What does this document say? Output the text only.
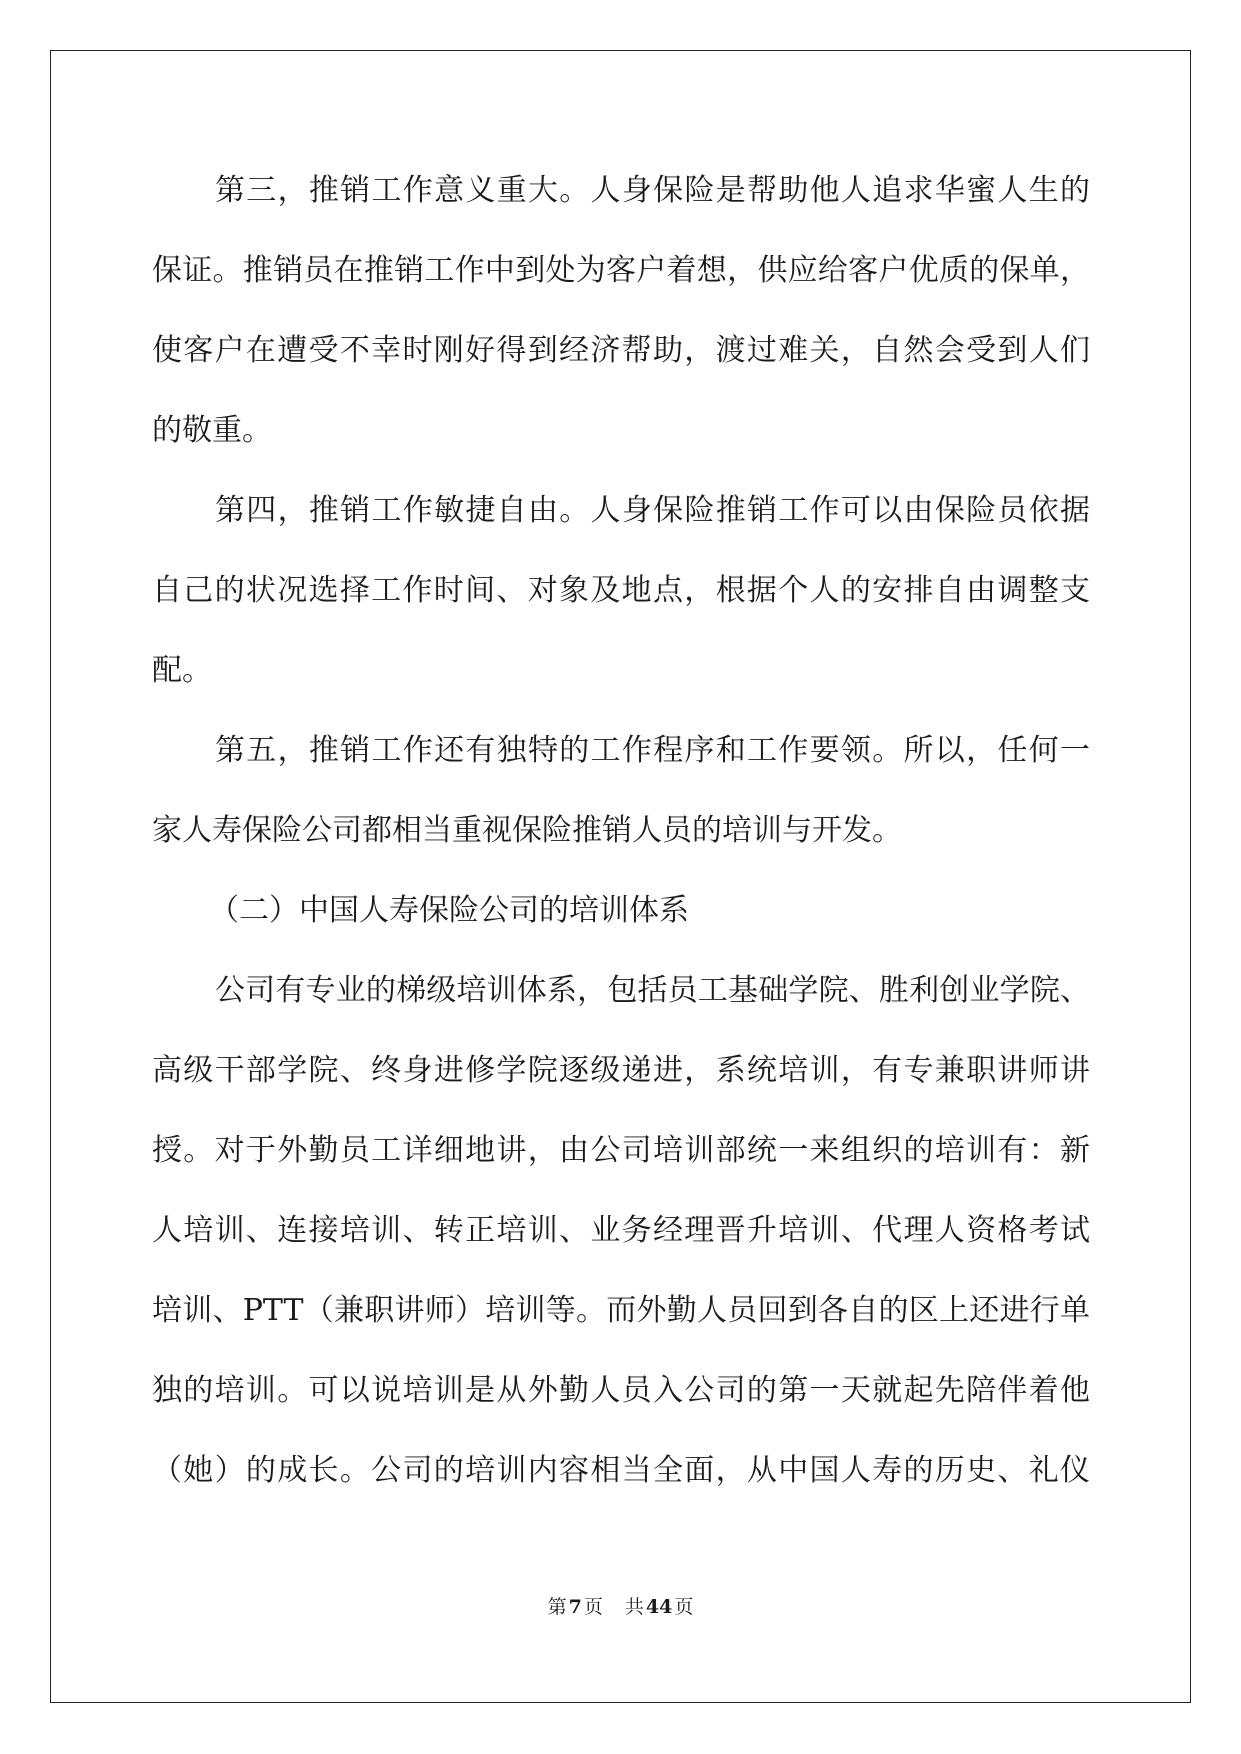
第三，推销工作意义重大。人身保险是帮助他人追求华蜜人生的
保证。推销员在推销工作中到处为客户着想，供应给客户优质的保单，
使客户在遭受不幸时刚好得到经济帮助，渡过难关，自然会受到人们
的敬重。
第四，推销工作敏捷自由。人身保险推销工作可以由保险员依据
自己的状况选择工作时间、对象及地点，根据个人的安排自由调整支
配。
第五，推销工作还有独特的工作程序和工作要领。所以，任何一
家人寿保险公司都相当重视保险推销人员的培训与开发。
（二）中国人寿保险公司的培训体系
公司有专业的梯级培训体系，包括员工基础学院、胜利创业学院、
高级干部学院、终身进修学院逐级递进，系统培训，有专兼职讲师讲
授。对于外勤员工详细地讲，由公司培训部统一来组织的培训有：新
人培训、连接培训、转正培训、业务经理晋升培训、代理人资格考试
培训、PTT（兼职讲师）培训等。而外勤人员回到各自的区上还进行单
独的培训。可以说培训是从外勤人员入公司的第一天就起先陪伴着他
（她）的成长。公司的培训内容相当全面，从中国人寿的历史、礼仪
第 7 页 共 44 页
